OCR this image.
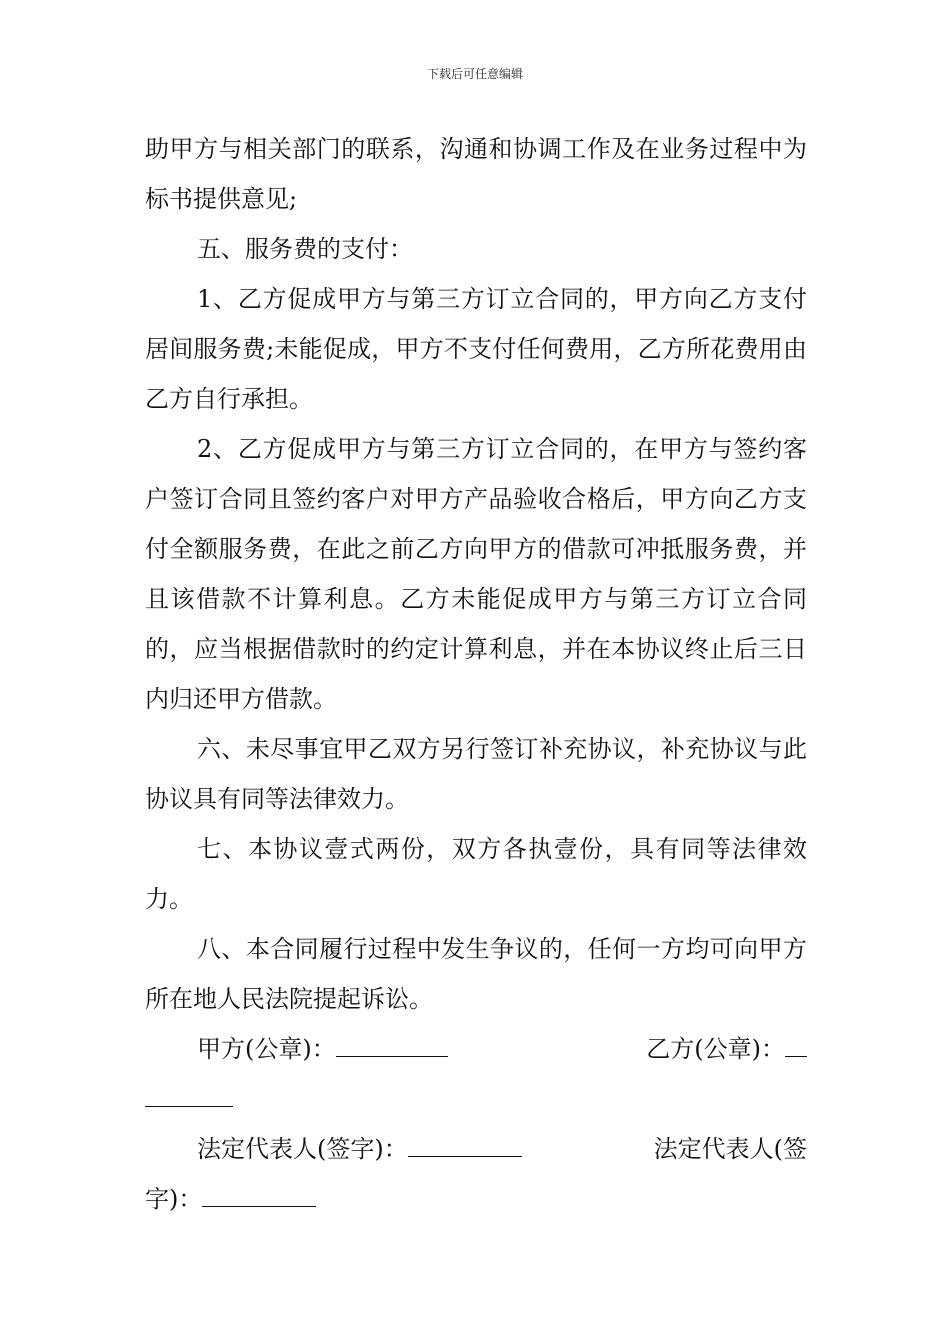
下载后可任意编辑

助甲方与相关部门的联系，沟通和协调工作及在业务过程中为标书提供意见;

五、服务费的支付：

1、乙方促成甲方与第三方订立合同的，甲方向乙方支付居间服务费;未能促成，甲方不支付任何费用，乙方所花费用由乙方自行承担。

2、乙方促成甲方与第三方订立合同的，在甲方与签约客户签订合同且签约客户对甲方产品验收合格后，甲方向乙方支付全额服务费，在此之前乙方向甲方的借款可冲抵服务费，并且该借款不计算利息。乙方未能促成甲方与第三方订立合同的，应当根据借款时的约定计算利息，并在本协议终止后三日内归还甲方借款。

六、未尽事宜甲乙双方另行签订补充协议，补充协议与此协议具有同等法律效力。

七、本协议壹式两份，双方各执壹份，具有同等法律效力。

八、本合同履行过程中发生争议的，任何一方均可向甲方所在地人民法院提起诉讼。

甲方(公章)：	乙方(公章)：
法定代表人(签字)：	法定代表人(签
字)：
